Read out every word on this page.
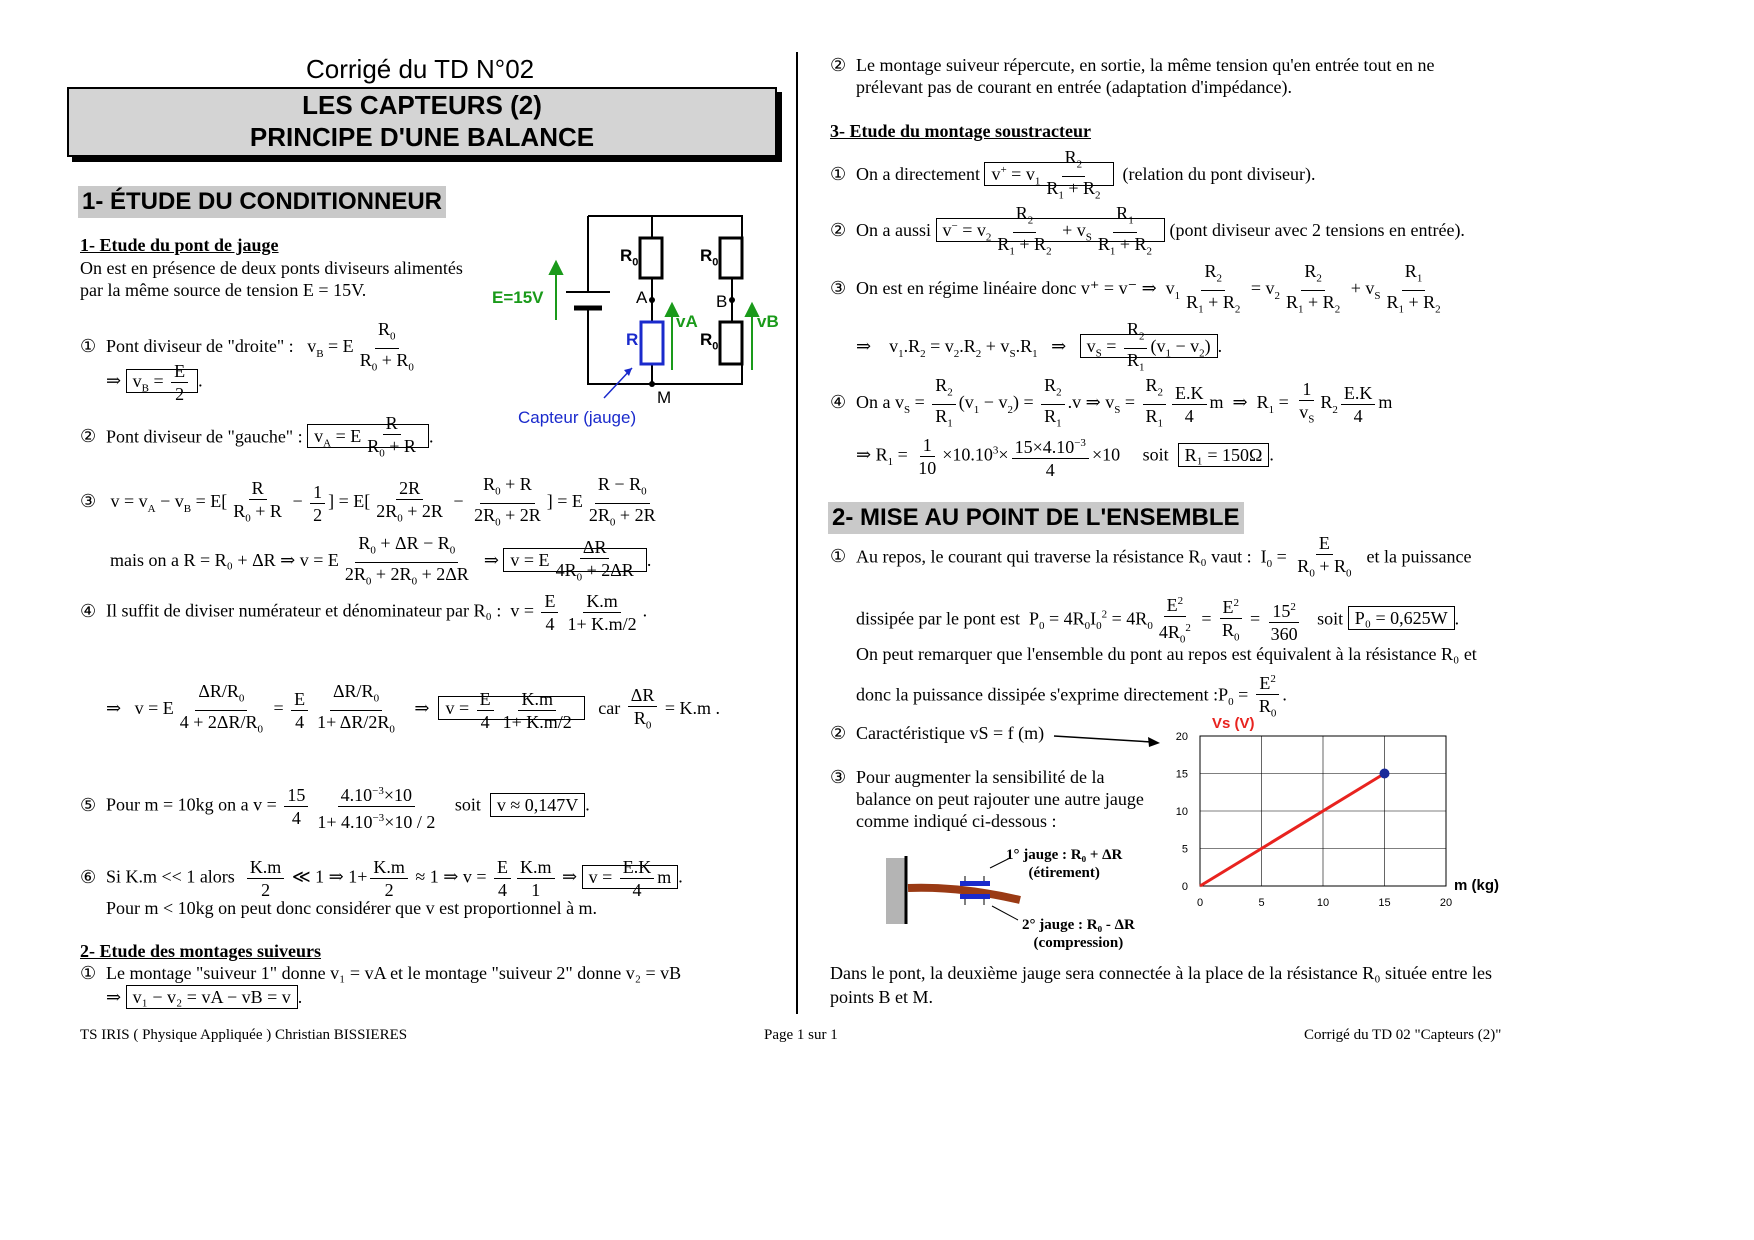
Corrigé du TD N°02
LES CAPTEURS (2)
PRINCIPE D'UNE BALANCE
1- ÉTUDE DU CONDITIONNEUR
1- Etude du pont de jauge
On est en présence de deux ponts diviseurs alimentés
par la même source de tension E = 15V.
① Pont diviseur de "droite" :   $v_B = E \frac{R_0}{R_0 + R_0}$
⇒ $v_B = \frac{E}{2}$ .
② Pont diviseur de "gauche" : $v_A = E \frac{R}{R_0 + R}$ .
③ $v = v_A - v_B = E[ \frac{R}{R_0 + R} - \frac{1}{2}$ ] = $E[ \frac{2R}{2R_0 + 2R} - \frac{R_0 + R}{2R_0 + 2R}$ ] = E $\frac{R - R_0}{2R_0 + 2R}$
mais on a R = R₀ + ΔR ⇒ v = E $\frac{R_0 + \Delta R - R_0}{2R_0 + 2R_0 + 2\Delta R}$ ⇒ v = E $\frac{\Delta R}{4R_0 + 2\Delta R}$ .
④ Il suffit de diviser numérateur et dénominateur par R₀ :  $v = \frac{E}{4} \frac{K.m}{1+ K.m/2}$ .
⇒   v = E $\frac{\Delta R/R_0}{4 + 2\Delta R/R_0} = \frac{E}{4} \frac{\Delta R/R_0}{1+ \Delta R/2R_0}$ ⇒  $v = \frac{E}{4} \frac{K.m}{1+ K.m/2}$ car $\frac{\Delta R}{R_0} = K.m$ .
⑤ Pour m = 10kg on a $v = \frac{15}{4} \frac{4.10^{-3}\times 10}{1+ 4.10^{-3}\times 10 / 2}$ soit v ≈ 0,147V .
⑥ Si K.m << 1 alors $\frac{K.m}{2}$ ≪ 1 ⇒ $1+ \frac{K.m}{2} \approx 1$ ⇒ $v = \frac{E}{4} \frac{K.m}{1}$ ⇒ $v = \frac{E.K}{4}$ m .
Pour m < 10kg on peut donc considérer que v est proportionnel à m.
2- Etude des montages suiveurs
① Le montage "suiveur 1" donne v₁ = vA et le montage "suiveur 2" donne v₂ = vB
⇒ v₁ − v₂ = vA − vB = v .
E=15V
$R_0$	$R_0$
$R_0$
R
A	B
M
vA	vB
Capteur (jauge)
② Le montage suiveur répercute, en sortie, la même tension qu'en entrée tout en ne
prélevant pas de courant en entrée (adaptation d'impédance).
3- Etude du montage soustracteur
① On a directement $v^+ = v_1 \frac{R_2}{R_1 + R_2}$ (relation du pont diviseur).
② On a aussi $v^- = v_2 \frac{R_2}{R_1 + R_2} + v_S \frac{R_1}{R_1 + R_2}$ (pont diviseur avec 2 tensions en entrée).
③ On est en régime linéaire donc v⁺ = v⁻ ⇒  $v_1 \frac{R_2}{R_1 + R_2} = v_2 \frac{R_2}{R_1 + R_2} + v_S \frac{R_1}{R_1 + R_2}$
⇒    $v_1.R_2 = v_2.R_2 + v_S.R_1$   ⇒   $v_S = \frac{R_2}{R_1} (v_1 - v_2)$ .
④ On a $v_S = \frac{R_2}{R_1} (v_1 - v_2) = \frac{R_2}{R_1} .v$ ⇒ $v_S = \frac{R_2}{R_1} \frac{E.K}{4}$ m  ⇒  $R_1 = \frac{1}{v_S} R_2 \frac{E.K}{4}$ m
⇒ $R_1 = \frac{1}{10} \times 10.10^3\times \frac{15\times 4.10^{-3}}{4} \times 10$     soit R₁ = 150Ω .
2- MISE AU POINT DE L'ENSEMBLE
① Au repos, le courant qui traverse la résistance R₀ vaut :  $I_0 = \frac{E}{R_0 + R_0}$ et la puissance
dissipée par le pont est  $P_0 = 4R_0I_0^2 = 4R_0 \frac{E^2}{4R_0^2} = \frac{E^2}{R_0} = \frac{15^2}{360}$ soit P₀ = 0,625W .
On peut remarquer que l'ensemble du pont au repos est équivalent à la résistance R₀ et
donc la puissance dissipée s'exprime directement $:P_0 = \frac{E^2}{R_0}$ .
② Caractéristique vS = f (m)
③ Pour augmenter la sensibilité de la
balance on peut rajouter une autre jauge
comme indiqué ci-dessous :
1° jauge : R₀ + ΔR
(étirement)
2° jauge : R₀ - ΔR
(compression)
0	5	10	15	20
0
5
10
15
20
Vs (V)
m (kg)
Dans le pont, la deuxième jauge sera connectée à la place de la résistance R₀ située entre les
points B et M.
TS IRIS ( Physique Appliquée ) Christian BISSIERES	Page 1 sur 1	Corrigé du TD 02 "Capteurs (2)"
